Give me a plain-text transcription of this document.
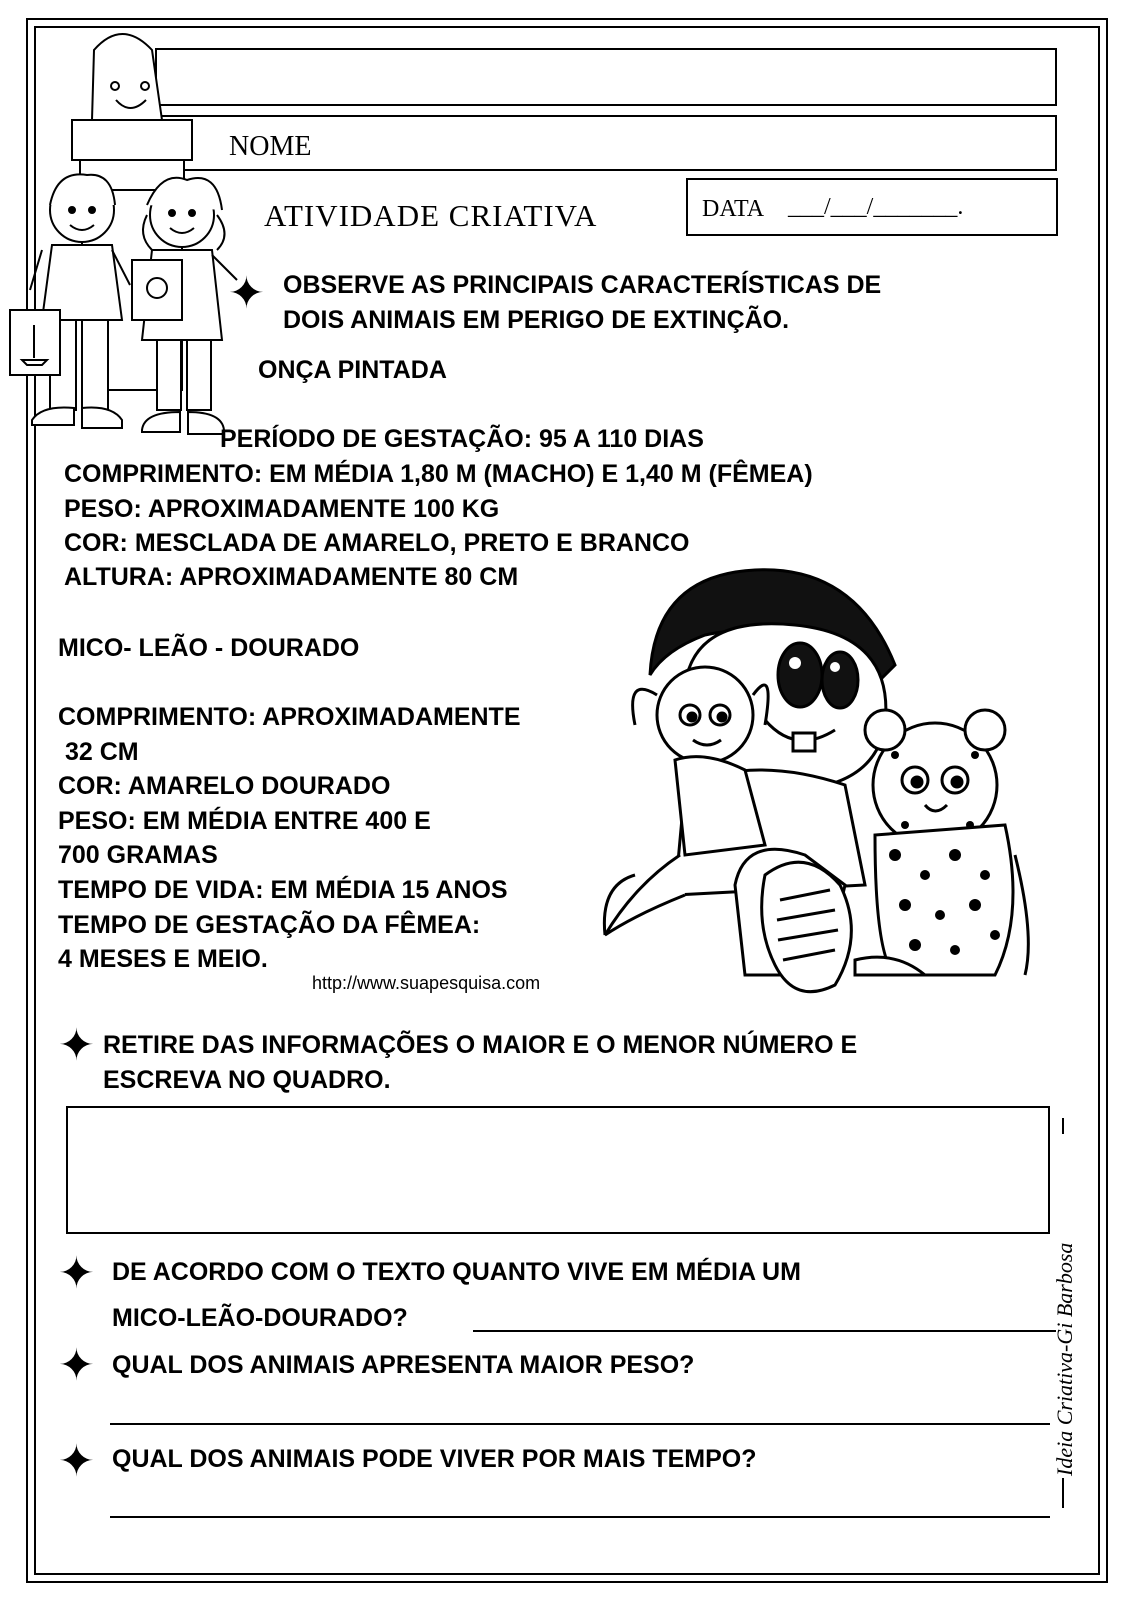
NOME
ATIVIDADE CRIATIVA	DATA ___/___/_______.
✦ OBSERVE AS PRINCIPAIS CARACTERÍSTICAS DE
DOIS ANIMAIS EM PERIGO DE EXTINÇÃO.
ONÇA PINTADA
PERÍODO DE GESTAÇÃO: 95 A 110 DIAS
COMPRIMENTO: EM MÉDIA 1,80 M (MACHO) E 1,40 M (FÊMEA)
PESO: APROXIMADAMENTE 100 KG
COR: MESCLADA DE AMARELO, PRETO E BRANCO
ALTURA: APROXIMADAMENTE 80 CM
MICO- LEÃO - DOURADO
COMPRIMENTO: APROXIMADAMENTE
32 CM
COR: AMARELO DOURADO
PESO: EM MÉDIA ENTRE 400 E
700 GRAMAS
TEMPO DE VIDA: EM MÉDIA 15 ANOS
TEMPO DE GESTAÇÃO DA FÊMEA:
4 MESES E MEIO.
http://www.suapesquisa.com
✦ RETIRE DAS INFORMAÇÕES O MAIOR E O MENOR NÚMERO E
ESCREVA NO QUADRO.
✦ DE ACORDO COM O TEXTO QUANTO VIVE EM MÉDIA UM
MICO-LEÃO-DOURADO?
✦ QUAL DOS ANIMAIS APRESENTA MAIOR PESO?
✦ QUAL DOS ANIMAIS PODE VIVER POR MAIS TEMPO?	Ideia Criativa-Gi Barbosa
